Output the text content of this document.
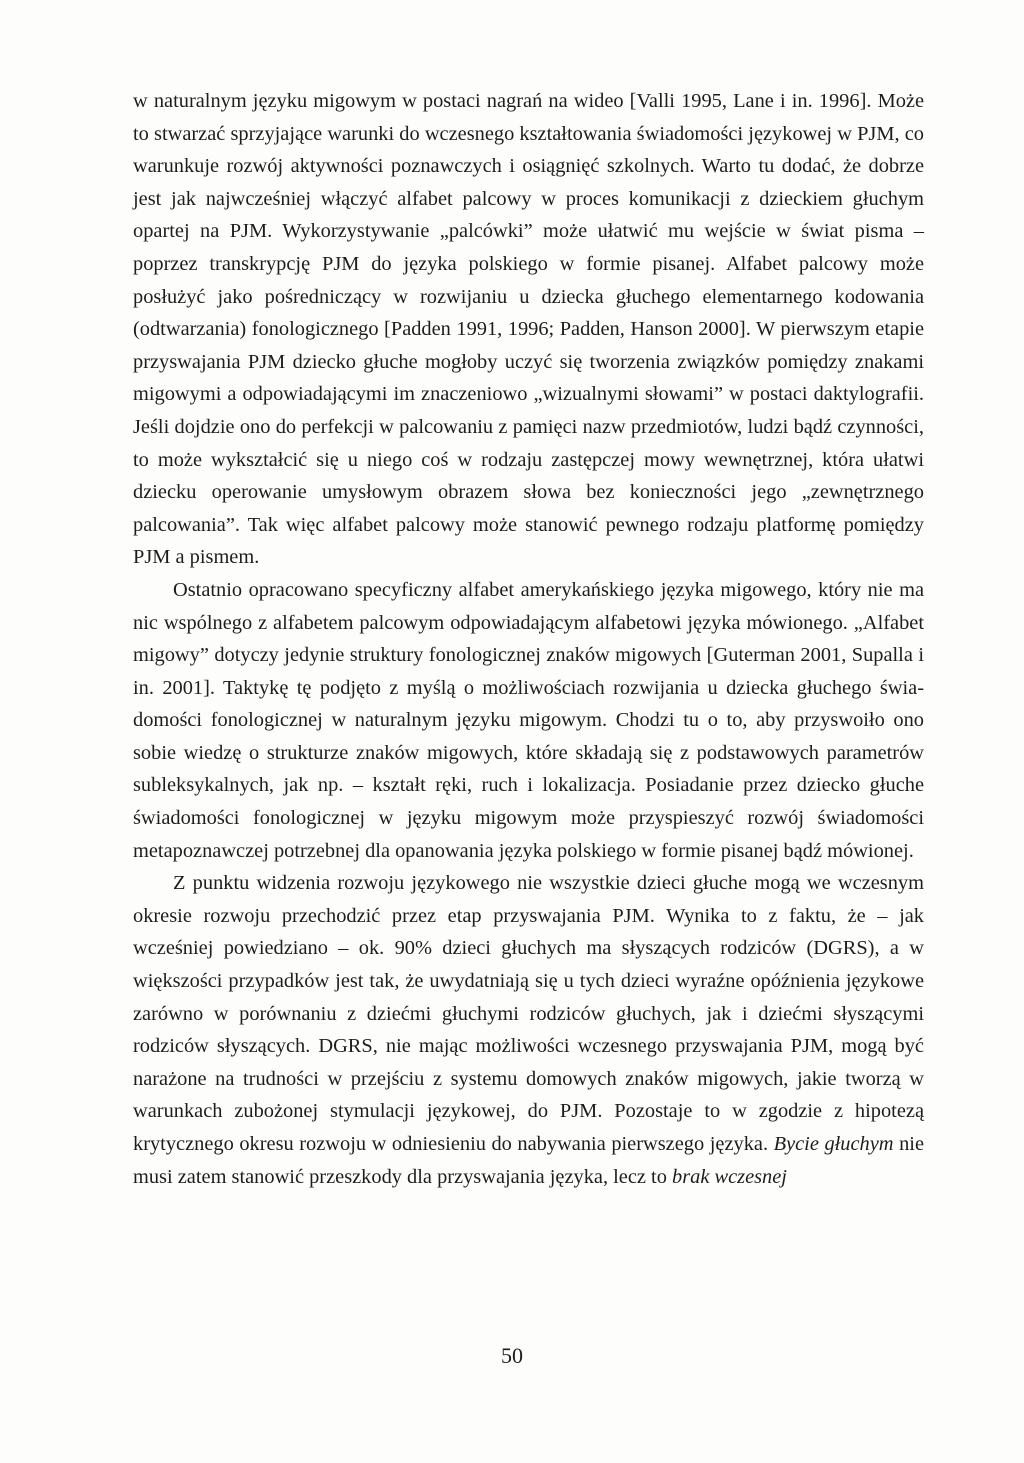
w naturalnym języku migowym w postaci nagrań na wideo [Valli 1995, Lane i in. 1996]. Może to stwarzać sprzyjające warunki do wczesnego kształtowania świadomości językowej w PJM, co warunkuje rozwój aktywności poznawczych i osiągnięć szkolnych. Warto tu dodać, że dobrze jest jak najwcześniej włączyć alfabet palcowy w proces komunikacji z dzieckiem głuchym opartej na PJM. Wykorzystywanie „palcówki” może ułatwić mu wejście w świat pisma – poprzez transkrypcję PJM do języka polskiego w formie pisanej. Alfabet palcowy może posłużyć jako pośredniczący w rozwijaniu u dziecka głuchego elementarnego kodowania (odtwarzania) fonologicznego [Padden 1991, 1996; Padden, Hanson 2000]. W pierwszym etapie przyswajania PJM dziecko głuche mogłoby uczyć się tworzenia związków pomiędzy znakami migowymi a odpowiadającymi im znaczeniowo „wizualnymi słowami” w postaci daktylografii. Jeśli dojdzie ono do perfekcji w palcowaniu z pamięci nazw przedmiotów, ludzi bądź czynności, to może wykształcić się u niego coś w rodzaju zastępczej mowy wewnętrznej, która ułatwi dziecku operowanie umysłowym obrazem słowa bez konieczności jego „zewnętrznego palcowania”. Tak więc alfabet palcowy może stanowić pewnego rodzaju platformę pomiędzy PJM a pismem.

Ostatnio opracowano specyficzny alfabet amerykańskiego języka migowego, który nie ma nic wspólnego z alfabetem palcowym odpowiadającym alfabetowi języka mówionego. „Alfabet migowy” dotyczy jedynie struktury fonologicznej znaków migowych [Guterman 2001, Supalla i in. 2001]. Taktykę tę podjęto z myślą o możliwościach rozwijania u dziecka głuchego świadomości fonologicznej w naturalnym języku migowym. Chodzi tu o to, aby przyswoiło ono sobie wiedzę o strukturze znaków migowych, które składają się z podstawowych parametrów subleksykalnych, jak np. – kształt ręki, ruch i lokalizacja. Posiadanie przez dziecko głuche świadomości fonologicznej w języku migowym może przyspieszyć rozwój świadomości metapoznawczej potrzebnej dla opanowania języka polskiego w formie pisanej bądź mówionej.

Z punktu widzenia rozwoju językowego nie wszystkie dzieci głuche mogą we wczesnym okresie rozwoju przechodzić przez etap przyswajania PJM. Wynika to z faktu, że – jak wcześniej powiedziano – ok. 90% dzieci głuchych ma słyszących rodziców (DGRS), a w większości przypadków jest tak, że uwydatniają się u tych dzieci wyraźne opóźnienia językowe zarówno w porównaniu z dziećmi głuchymi rodziców głuchych, jak i dziećmi słyszącymi rodziców słyszących. DGRS, nie mając możliwości wczesnego przyswajania PJM, mogą być narażone na trudności w przejściu z systemu domowych znaków migowych, jakie tworzą w warunkach zubożonej stymulacji językowej, do PJM. Pozostaje to w zgodzie z hipotezą krytycznego okresu rozwoju w odniesieniu do nabywania pierwszego języka. Bycie głuchym nie musi zatem stanowić przeszkody dla przyswajania języka, lecz to brak wczesnej

50
